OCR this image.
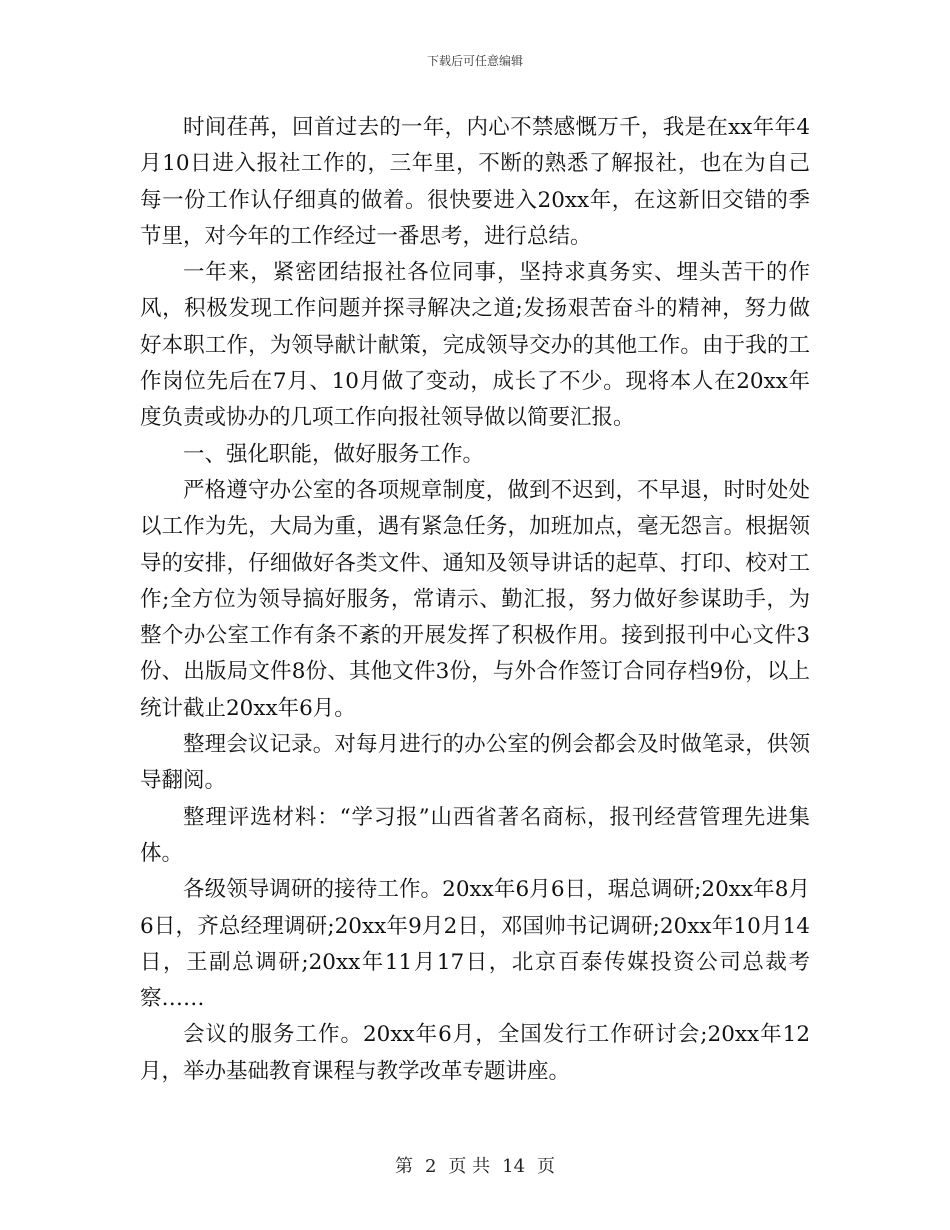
下载后可任意编辑

时间荏苒，回首过去的一年，内心不禁感慨万千，我是在xx年年4月10日进入报社工作的，三年里，不断的熟悉了解报社，也在为自己每一份工作认仔细真的做着。很快要进入20xx年，在这新旧交错的季节里，对今年的工作经过一番思考，进行总结。

一年来，紧密团结报社各位同事，坚持求真务实、埋头苦干的作风，积极发现工作问题并探寻解决之道;发扬艰苦奋斗的精神，努力做好本职工作，为领导献计献策，完成领导交办的其他工作。由于我的工作岗位先后在7月、10月做了变动，成长了不少。现将本人在20xx年度负责或协办的几项工作向报社领导做以简要汇报。

一、强化职能，做好服务工作。

严格遵守办公室的各项规章制度，做到不迟到，不早退，时时处处以工作为先，大局为重，遇有紧急任务，加班加点，毫无怨言。根据领导的安排，仔细做好各类文件、通知及领导讲话的起草、打印、校对工作;全方位为领导搞好服务，常请示、勤汇报，努力做好参谋助手，为整个办公室工作有条不紊的开展发挥了积极作用。接到报刊中心文件3份、出版局文件8份、其他文件3份，与外合作签订合同存档9份，以上统计截止20xx年6月。

整理会议记录。对每月进行的办公室的例会都会及时做笔录，供领导翻阅。

整理评选材料：“学习报”山西省著名商标，报刊经营管理先进集体。

各级领导调研的接待工作。20xx年6月6日，琚总调研;20xx年8月6日，齐总经理调研;20xx年9月2日，邓国帅书记调研;20xx年10月14日，王副总调研;20xx年11月17日，北京百泰传媒投资公司总裁考察……

会议的服务工作。20xx年6月，全国发行工作研讨会;20xx年12月，举办基础教育课程与教学改革专题讲座。

第 2 页 共 14 页
